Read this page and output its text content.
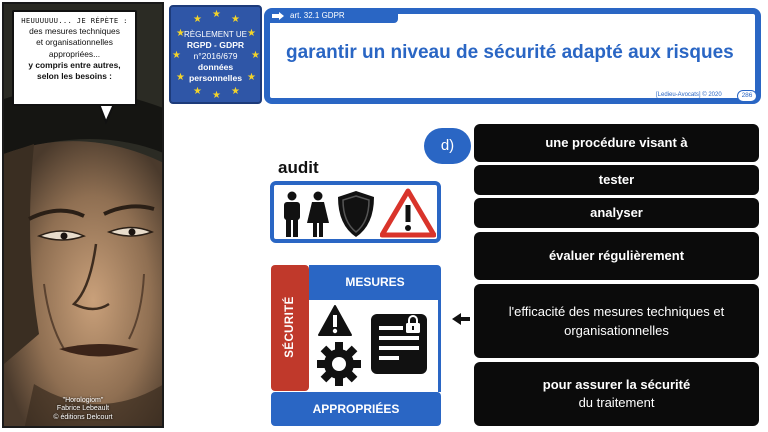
HEUUUUUU... JE RÉPÈTE :
des mesures techniques
et organisationnelles
appropriées...
y compris entre autres,
selon les besoins :
"Horologiom"
Fabrice Lebeault
© éditions Delcourt
★ ★
★
★
★
★
★
★
★
★
★ ★
RÈGLEMENT UE
RGPD - GDPR
n°2016/679
données
personnelles
art. 32.1 GDPR
garantir un niveau de sécurité adapté aux risques
[Ledieu-Avocats] © 2020	286
audit
SÉCURITÉ
MESURES
APPROPRIÉES
d)	une procédure visant à
tester
analyser
évaluer régulièrement
l'efficacité des mesures techniques et
organisationnelles
pour assurer la sécurité
du traitement
